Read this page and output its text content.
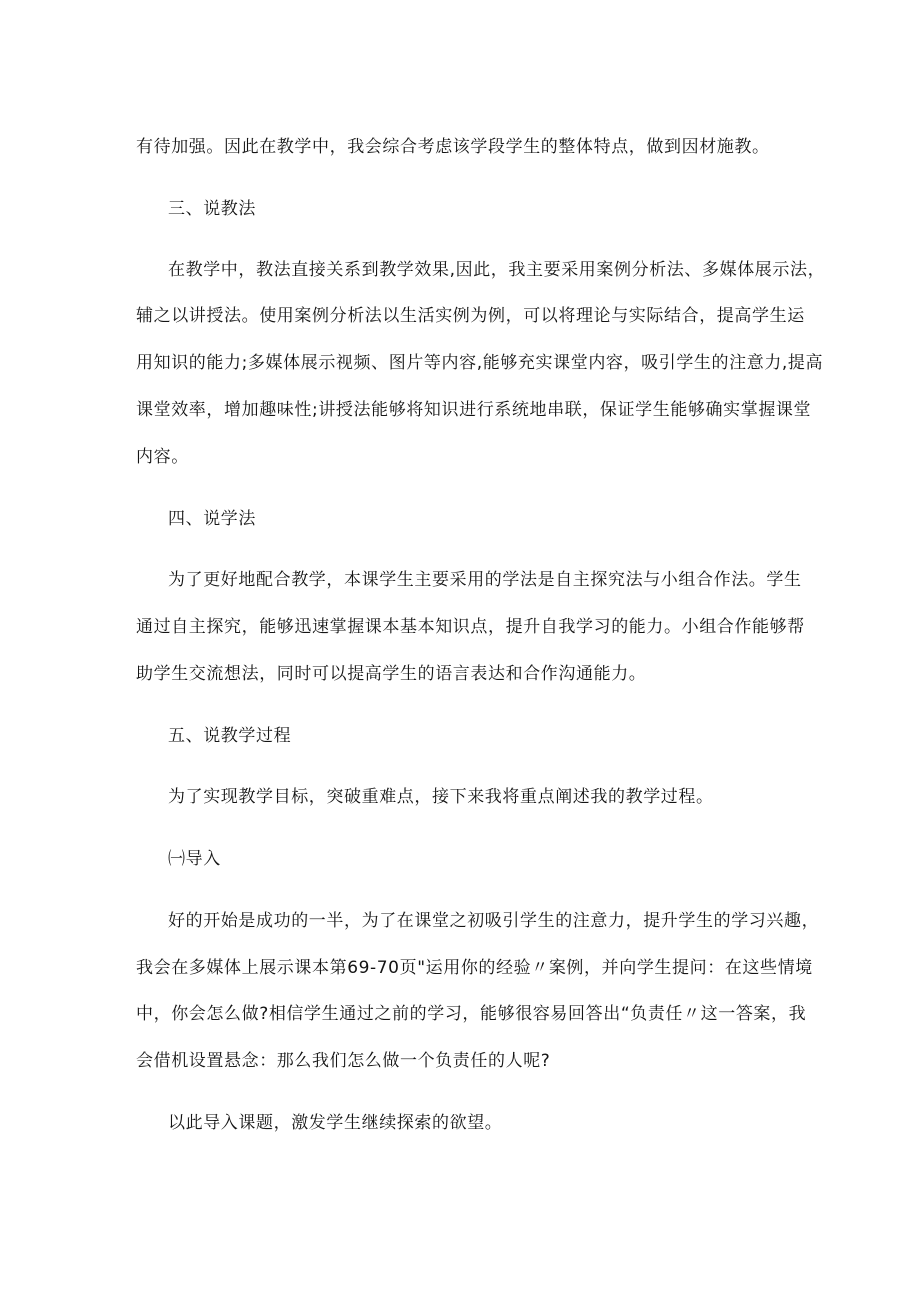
有待加强。因此在教学中，我会综合考虑该学段学生的整体特点，做到因材施教。
三、说教法
在教学中，教法直接关系到教学效果,因此，我主要采用案例分析法、多媒体展示法，
辅之以讲授法。使用案例分析法以生活实例为例，可以将理论与实际结合，提高学生运
用知识的能力;多媒体展示视频、图片等内容,能够充实课堂内容，吸引学生的注意力,提高
课堂效率，增加趣味性;讲授法能够将知识进行系统地串联，保证学生能够确实掌握课堂
内容。
四、说学法
为了更好地配合教学，本课学生主要采用的学法是自主探究法与小组合作法。学生
通过自主探究，能够迅速掌握课本基本知识点，提升自我学习的能力。小组合作能够帮
助学生交流想法，同时可以提高学生的语言表达和合作沟通能力。
五、说教学过程
为了实现教学目标，突破重难点，接下来我将重点阐述我的教学过程。
㈠导入
好的开始是成功的一半，为了在课堂之初吸引学生的注意力，提升学生的学习兴趣，
我会在多媒体上展示课本第69-70页"运用你的经验〃案例，并向学生提问：在这些情境
中，你会怎么做?相信学生通过之前的学习，能够很容易回答出“负责任〃这一答案，我
会借机设置悬念：那么我们怎么做一个负责任的人呢?
以此导入课题，激发学生继续探索的欲望。
